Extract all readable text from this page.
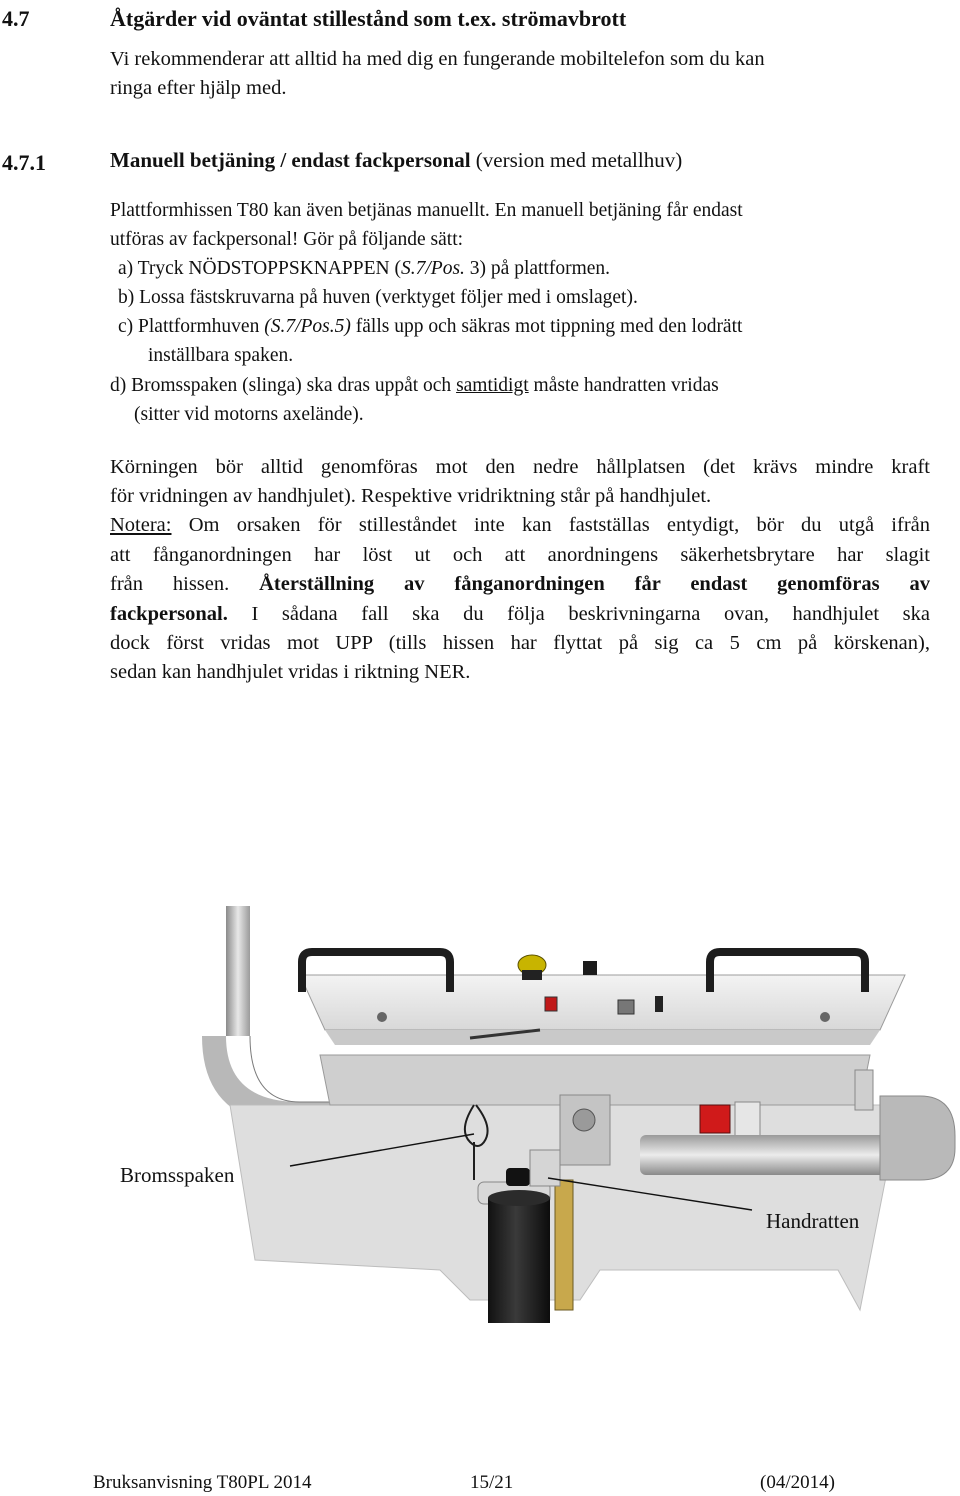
4.7	Åtgärder vid oväntat stillestånd som t.ex. strömavbrott
Vi rekommenderar att alltid ha med dig en fungerande mobiltelefon som du kan
ringa efter hjälp med.
4.7.1	Manuell betjäning / endast fackpersonal (version med metallhuv)
Plattformhissen T80 kan även betjänas manuellt. En manuell betjäning får endast
utföras av fackpersonal! Gör på följande sätt:
a) Tryck NÖDSTOPPSKNAPPEN (S.7/Pos. 3) på plattformen.
b) Lossa fästskruvarna på huven (verktyget följer med i omslaget).
c) Plattformhuven (S.7/Pos.5) fälls upp och säkras mot tippning med den lodrätt
inställbara spaken.
d) Bromsspaken (slinga) ska dras uppåt och samtidigt måste handratten vridas
(sitter vid motorns axelände).
Körningen bör alltid genomföras mot den nedre hållplatsen (det krävs mindre kraft
för vridningen av handhjulet). Respektive vridriktning står på handhjulet.
Notera: Om orsaken för stilleståndet inte kan fastställas entydigt, bör du utgå ifrån
att fånganordningen har löst ut och att anordningens säkerhetsbrytare har slagit
från hissen. Återställning av fånganordningen får endast genomföras av
fackpersonal. I sådana fall ska du följa beskrivningarna ovan, handhjulet ska
dock först vridas mot UPP (tills hissen har flyttat på sig ca 5 cm på körskenan),
sedan kan handhjulet vridas i riktning NER.
Bromsspaken
Handratten
Bruksanvisning T80PL 2014	15/21	(04/2014)
